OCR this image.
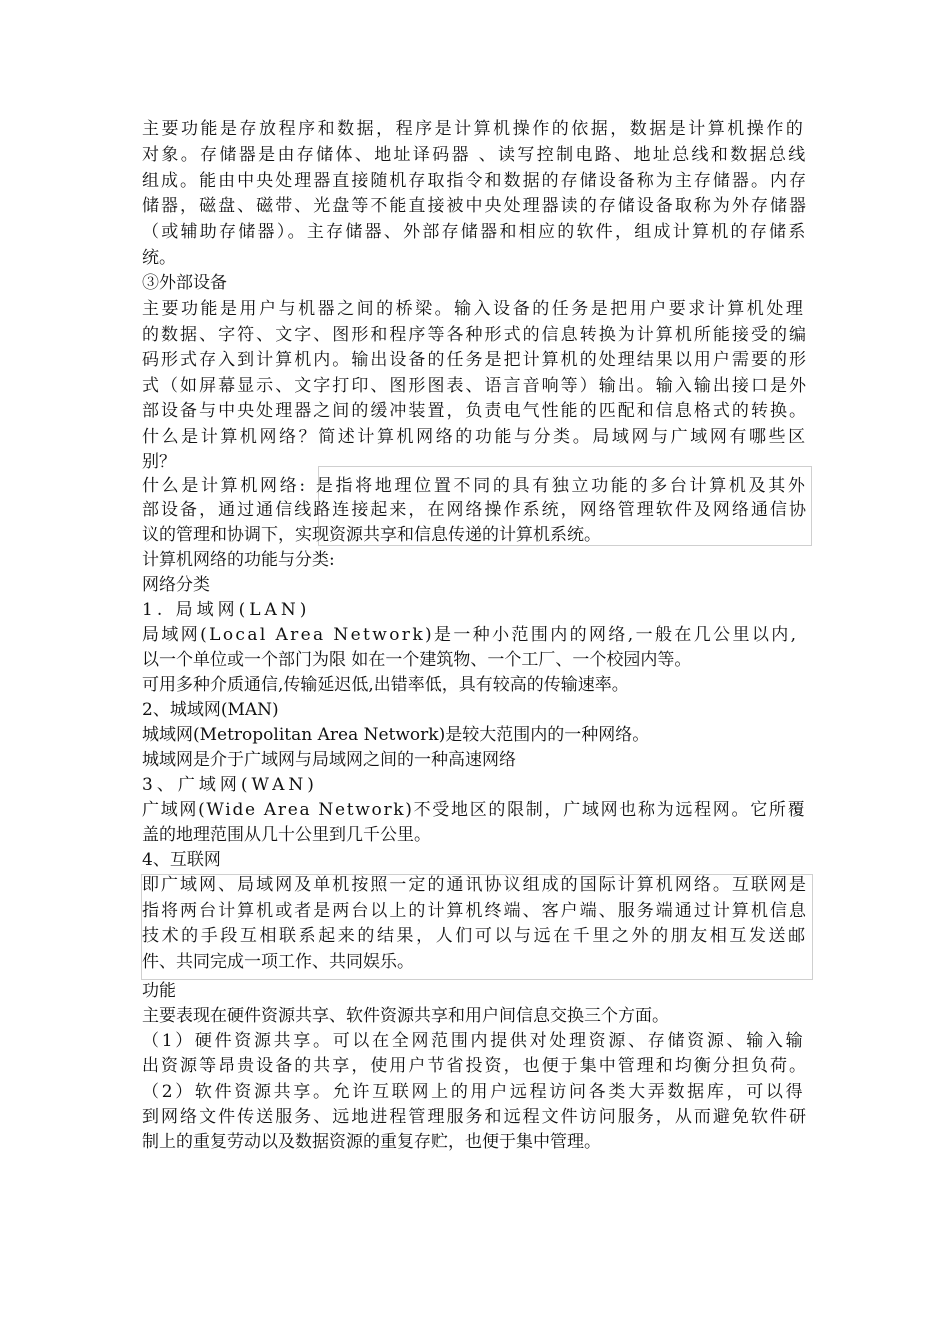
主要功能是存放程序和数据，程序是计算机操作的依据，数据是计算机操作的
对象。存储器是由存储体、地址译码器 、读写控制电路、地址总线和数据总线
组成。能由中央处理器直接随机存取指令和数据的存储设备称为主存储器。内存
储器，磁盘、磁带、光盘等不能直接被中央处理器读的存储设备取称为外存储器
（或辅助存储器）。主存储器、外部存储器和相应的软件，组成计算机的存储系
统。
③外部设备
主要功能是用户与机器之间的桥梁。输入设备的任务是把用户要求计算机处理
的数据、字符、文字、图形和程序等各种形式的信息转换为计算机所能接受的编
码形式存入到计算机内。输出设备的任务是把计算机的处理结果以用户需要的形
式（如屏幕显示、文字打印、图形图表、语言音响等）输出。输入输出接口是外
部设备与中央处理器之间的缓冲装置，负责电气性能的匹配和信息格式的转换。
什么是计算机网络？简述计算机网络的功能与分类。局域网与广域网有哪些区
别？
什么是计算机网络: 是指将地理位置不同的具有独立功能的多台计算机及其外
部设备，通过通信线路连接起来，在网络操作系统，网络管理软件及网络通信协
议的管理和协调下，实现资源共享和信息传递的计算机系统。
计算机网络的功能与分类:
网络分类
1. 局域网(LAN)
局域网(Local Area Network)是一种小范围内的网络,一般在几公里以内,
以一个单位或一个部门为限 如在一个建筑物、一个工厂、一个校园内等。
可用多种介质通信,传输延迟低,出错率低，具有较高的传输速率。
2、城域网(MAN)
城域网(Metropolitan Area Network)是较大范围内的一种网络。
城域网是介于广域网与局域网之间的一种高速网络
3、广域网(WAN)
广域网(Wide Area Network)不受地区的限制，广域网也称为远程网。它所覆
盖的地理范围从几十公里到几千公里。
4、互联网
即广域网、局域网及单机按照一定的通讯协议组成的国际计算机网络。互联网是
指将两台计算机或者是两台以上的计算机终端、客户端、服务端通过计算机信息
技术的手段互相联系起来的结果，人们可以与远在千里之外的朋友相互发送邮
件、共同完成一项工作、共同娱乐。
功能
主要表现在硬件资源共享、软件资源共享和用户间信息交换三个方面。
（1）硬件资源共享。可以在全网范围内提供对处理资源、存储资源、输入输
出资源等昂贵设备的共享，使用户节省投资，也便于集中管理和均衡分担负荷。
（2）软件资源共享。允许互联网上的用户远程访问各类大弄数据库，可以得
到网络文件传送服务、远地进程管理服务和远程文件访问服务，从而避免软件研
制上的重复劳动以及数据资源的重复存贮，也便于集中管理。
